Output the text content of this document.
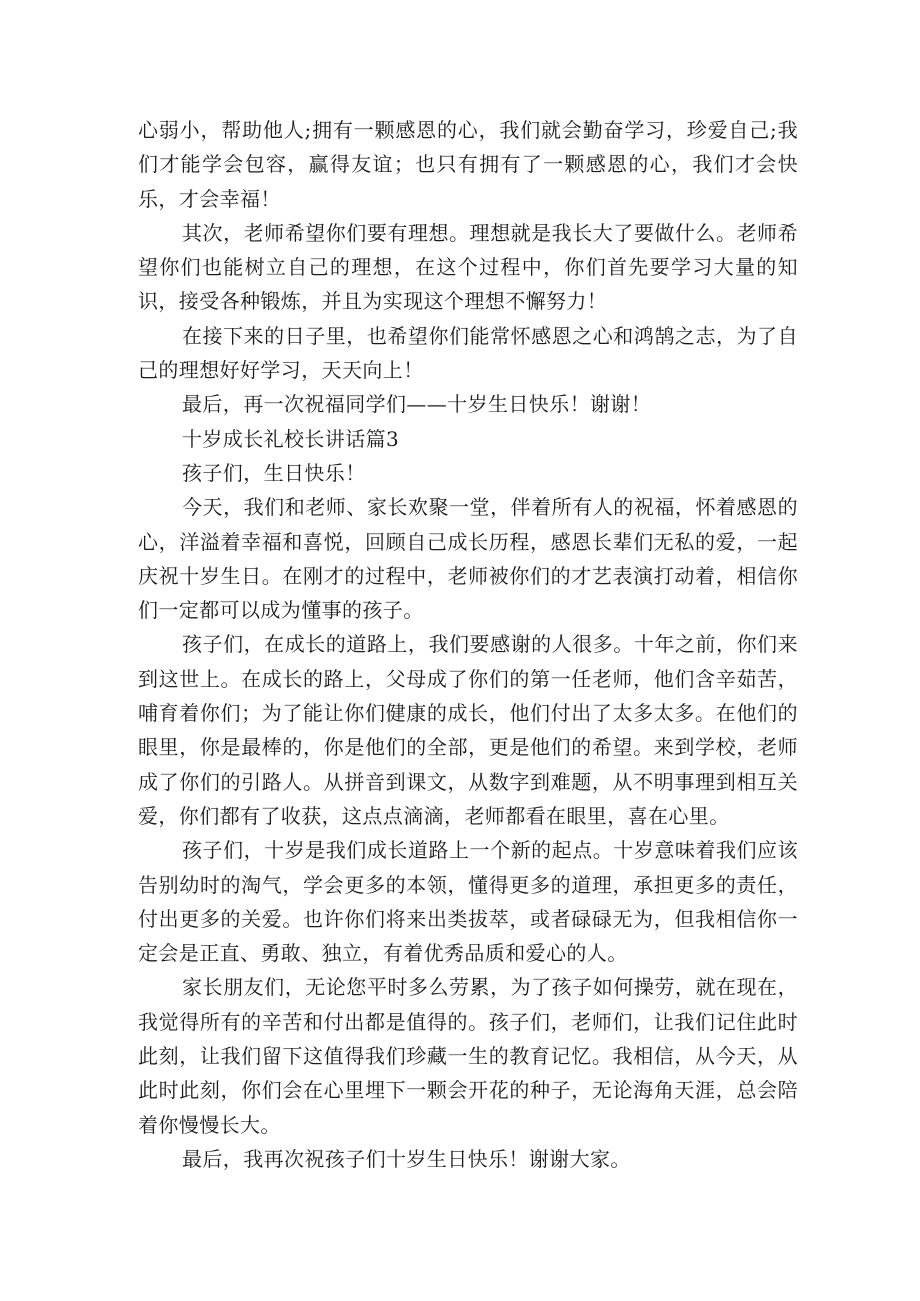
心弱小，帮助他人;拥有一颗感恩的心，我们就会勤奋学习，珍爱自己;我们才能学会包容，赢得友谊；也只有拥有了一颗感恩的心，我们才会快乐，才会幸福！

其次，老师希望你们要有理想。理想就是我长大了要做什么。老师希望你们也能树立自己的理想，在这个过程中，你们首先要学习大量的知识，接受各种锻炼，并且为实现这个理想不懈努力！

在接下来的日子里，也希望你们能常怀感恩之心和鸿鹄之志，为了自己的理想好好学习，天天向上！

最后，再一次祝福同学们——十岁生日快乐！谢谢！

十岁成长礼校长讲话篇3

孩子们，生日快乐！

今天，我们和老师、家长欢聚一堂，伴着所有人的祝福，怀着感恩的心，洋溢着幸福和喜悦，回顾自己成长历程，感恩长辈们无私的爱，一起庆祝十岁生日。在刚才的过程中，老师被你们的才艺表演打动着，相信你们一定都可以成为懂事的孩子。

孩子们，在成长的道路上，我们要感谢的人很多。十年之前，你们来到这世上。在成长的路上，父母成了你们的第一任老师，他们含辛茹苦，哺育着你们；为了能让你们健康的成长，他们付出了太多太多。在他们的眼里，你是最棒的，你是他们的全部，更是他们的希望。来到学校，老师成了你们的引路人。从拼音到课文，从数字到难题，从不明事理到相互关爱，你们都有了收获，这点点滴滴，老师都看在眼里，喜在心里。

孩子们，十岁是我们成长道路上一个新的起点。十岁意味着我们应该告别幼时的淘气，学会更多的本领，懂得更多的道理，承担更多的责任，付出更多的关爱。也许你们将来出类拔萃，或者碌碌无为，但我相信你一定会是正直、勇敢、独立，有着优秀品质和爱心的人。

家长朋友们，无论您平时多么劳累，为了孩子如何操劳，就在现在，我觉得所有的辛苦和付出都是值得的。孩子们，老师们，让我们记住此时此刻，让我们留下这值得我们珍藏一生的教育记忆。我相信，从今天，从此时此刻，你们会在心里埋下一颗会开花的种子，无论海角天涯，总会陪着你慢慢长大。

最后，我再次祝孩子们十岁生日快乐！谢谢大家。
